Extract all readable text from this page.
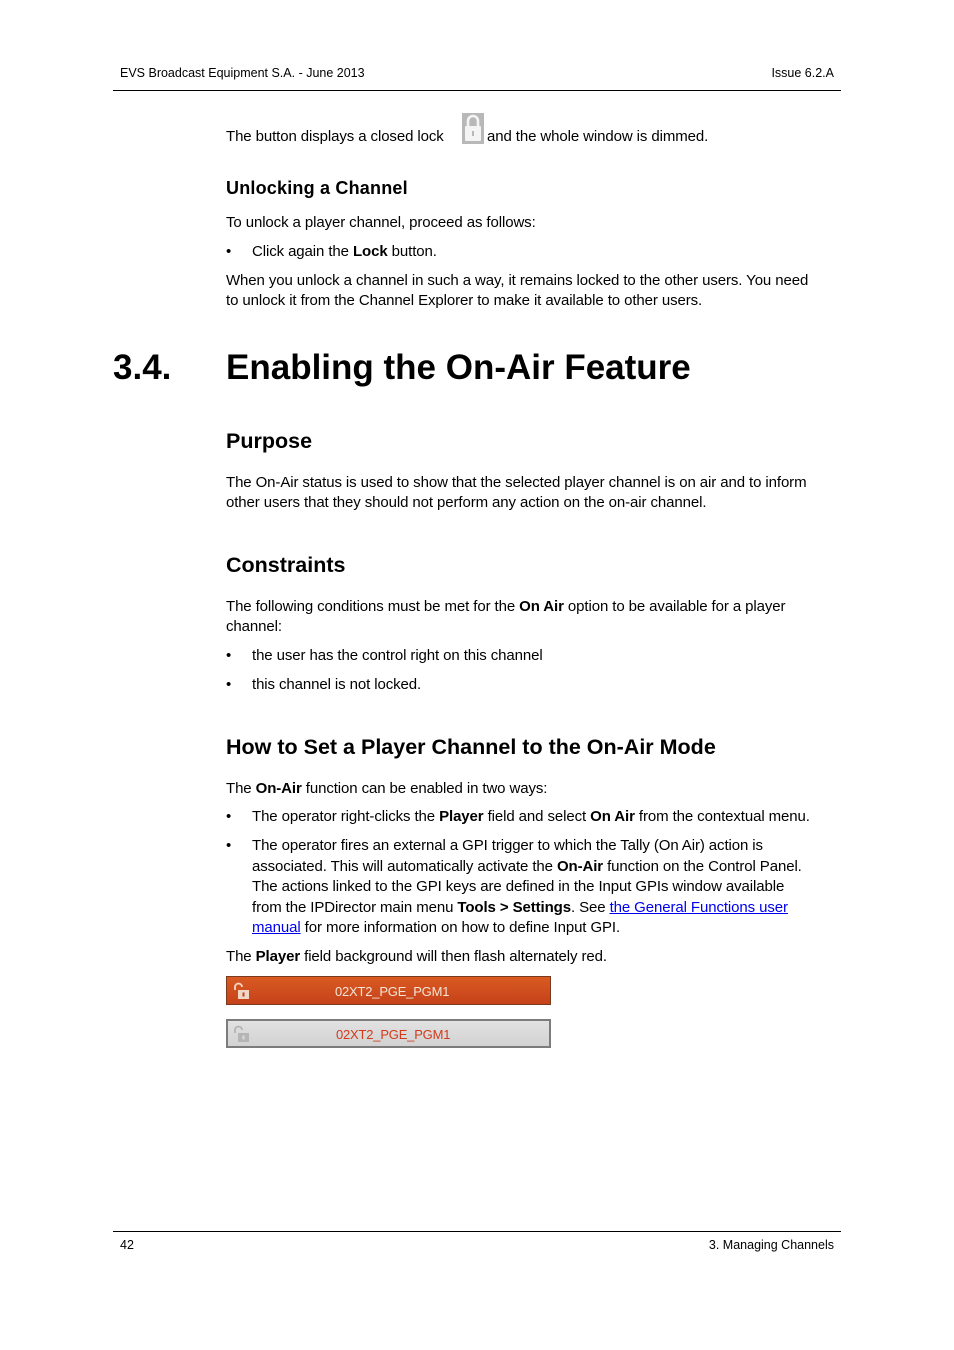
EVS Broadcast Equipment S.A. - June 2013	Issue 6.2.A
The button displays a closed lock	and the whole window is dimmed.
Unlocking a Channel
To unlock a player channel, proceed as follows:
• Click again the Lock button.
When you unlock a channel in such a way, it remains locked to the other users. You need
to unlock it from the Channel Explorer to make it available to other users.
3.4. Enabling the On-Air Feature
Purpose
The On-Air status is used to show that the selected player channel is on air and to inform
other users that they should not perform any action on the on-air channel.
Constraints
The following conditions must be met for the On Air option to be available for a player
channel:
• the user has the control right on this channel
• this channel is not locked.
How to Set a Player Channel to the On-Air Mode
The On-Air function can be enabled in two ways:
• The operator right-clicks the Player field and select On Air from the contextual menu.
• The operator fires an external a GPI trigger to which the Tally (On Air) action is
associated. This will automatically activate the On-Air function on the Control Panel.
The actions linked to the GPI keys are defined in the Input GPIs window available
from the IPDirector main menu Tools > Settings. See the General Functions user
manual for more information on how to define Input GPI.
The Player field background will then flash alternately red.
02XT2_PGE_PGM1
02XT2_PGE_PGM1
42	3. Managing Channels
